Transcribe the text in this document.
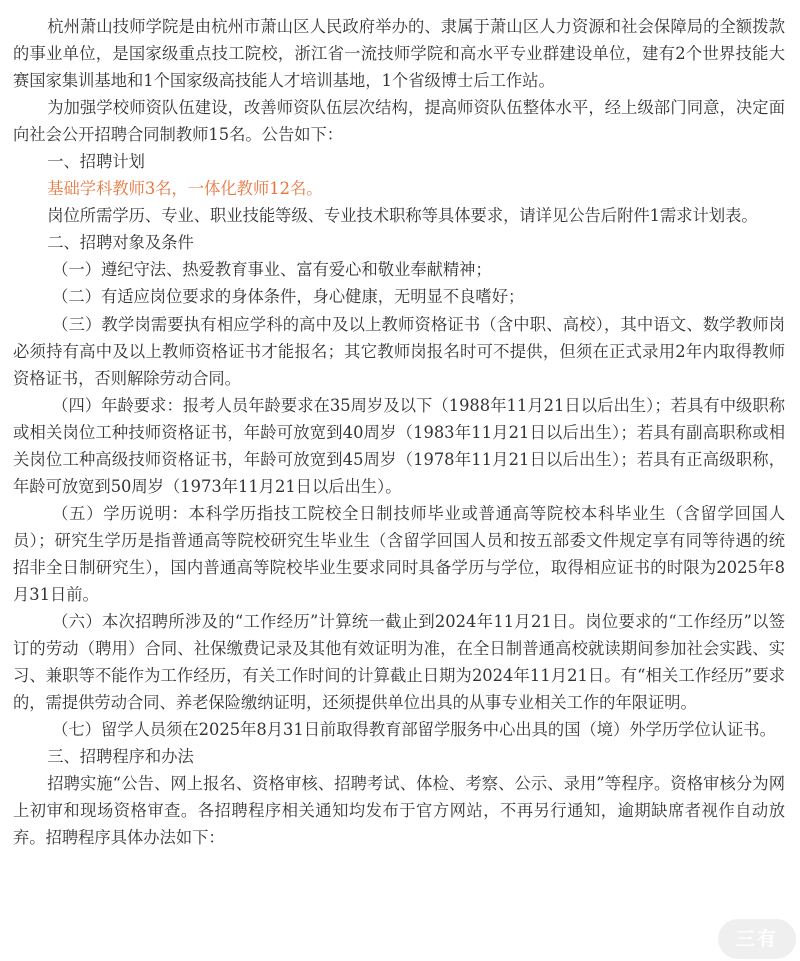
杭州萧山技师学院是由杭州市萧山区人民政府举办的、隶属于萧山区人力资源和社会保障局的全额拨款的事业单位，是国家级重点技工院校，浙江省一流技师学院和高水平专业群建设单位，建有2个世界技能大赛国家集训基地和1个国家级高技能人才培训基地，1个省级博士后工作站。

为加强学校师资队伍建设，改善师资队伍层次结构，提高师资队伍整体水平，经上级部门同意，决定面向社会公开招聘合同制教师15名。公告如下：

一、招聘计划

基础学科教师3名，一体化教师12名。

岗位所需学历、专业、职业技能等级、专业技术职称等具体要求，请详见公告后附件1需求计划表。

二、招聘对象及条件

（一）遵纪守法、热爱教育事业、富有爱心和敬业奉献精神；

（二）有适应岗位要求的身体条件，身心健康，无明显不良嗜好；

（三）教学岗需要执有相应学科的高中及以上教师资格证书（含中职、高校），其中语文、数学教师岗必须持有高中及以上教师资格证书才能报名；其它教师岗报名时可不提供，但须在正式录用2年内取得教师资格证书，否则解除劳动合同。

（四）年龄要求：报考人员年龄要求在35周岁及以下（1988年11月21日以后出生）；若具有中级职称或相关岗位工种技师资格证书，年龄可放宽到40周岁（1983年11月21日以后出生）；若具有副高职称或相关岗位工种高级技师资格证书，年龄可放宽到45周岁（1978年11月21日以后出生）；若具有正高级职称，年龄可放宽到50周岁（1973年11月21日以后出生）。

（五）学历说明：本科学历指技工院校全日制技师毕业或普通高等院校本科毕业生（含留学回国人员）；研究生学历是指普通高等院校研究生毕业生（含留学回国人员和按五部委文件规定享有同等待遇的统招非全日制研究生），国内普通高等院校毕业生要求同时具备学历与学位，取得相应证书的时限为2025年8月31日前。

（六）本次招聘所涉及的“工作经历”计算统一截止到2024年11月21日。岗位要求的“工作经历”以签订的劳动（聘用）合同、社保缴费记录及其他有效证明为准，在全日制普通高校就读期间参加社会实践、实习、兼职等不能作为工作经历，有关工作时间的计算截止日期为2024年11月21日。有“相关工作经历”要求的，需提供劳动合同、养老保险缴纳证明，还须提供单位出具的从事专业相关工作的年限证明。

（七）留学人员须在2025年8月31日前取得教育部留学服务中心出具的国（境）外学历学位认证书。

三、招聘程序和办法

招聘实施“公告、网上报名、资格审核、招聘考试、体检、考察、公示、录用”等程序。资格审核分为网上初审和现场资格审查。各招聘程序相关通知均发布于官方网站，不再另行通知，逾期缺席者视作自动放弃。招聘程序具体办法如下：

三有
